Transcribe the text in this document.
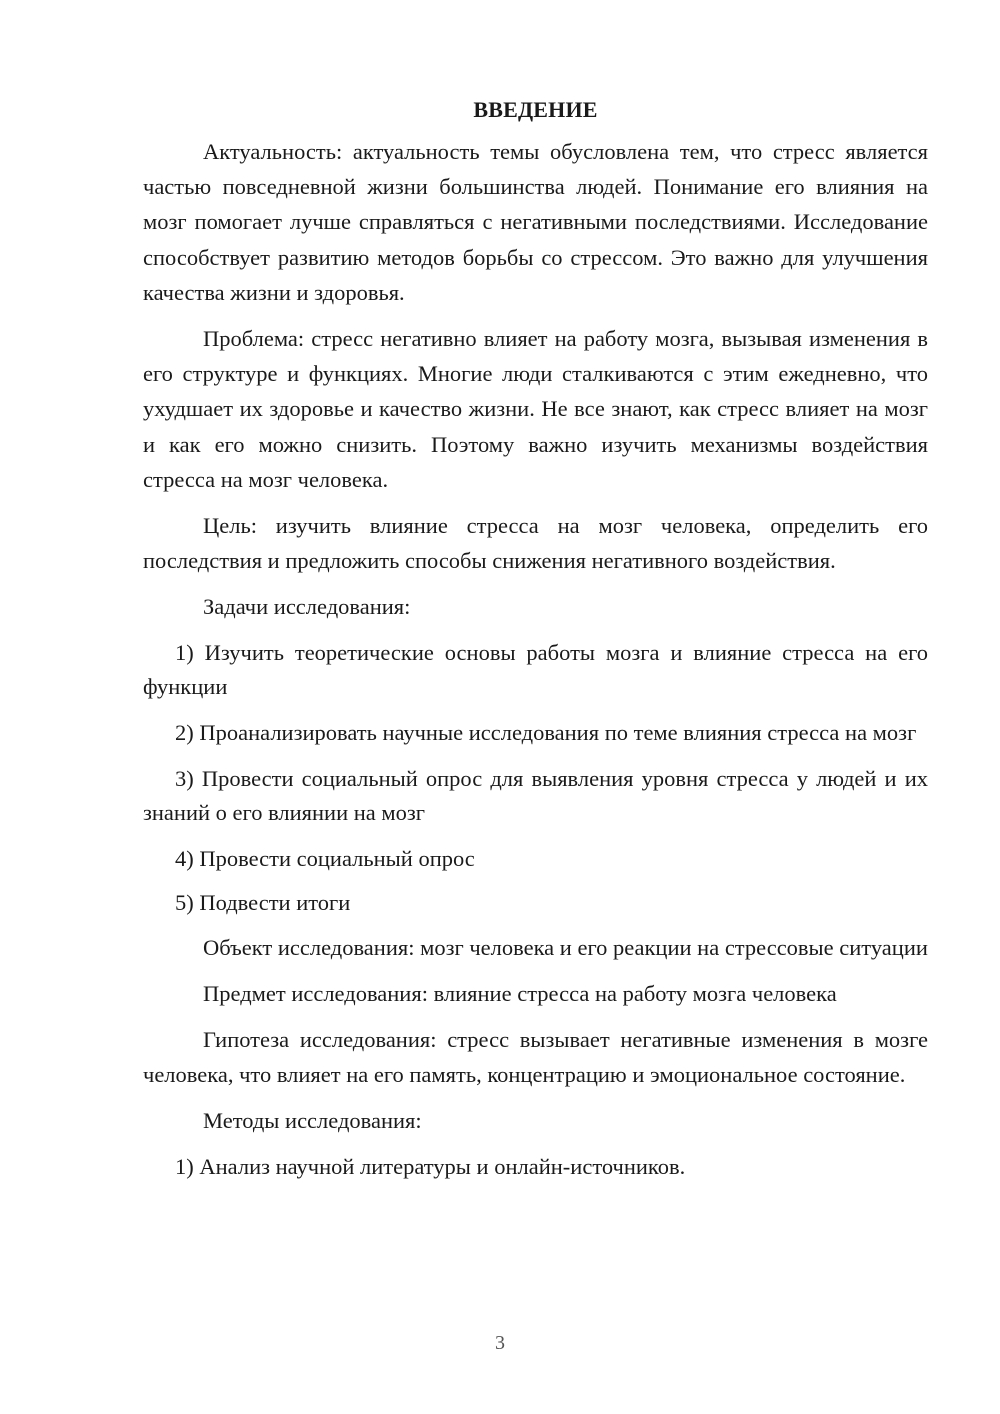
ВВЕДЕНИЕ

Актуальность: актуальность темы обусловлена тем, что стресс является частью повседневной жизни большинства людей. Понимание его влияния на мозг помогает лучше справляться с негативными последствиями. Исследование способствует развитию методов борьбы со стрессом. Это важно для улучшения качества жизни и здоровья.

Проблема: стресс негативно влияет на работу мозга, вызывая изменения в его структуре и функциях. Многие люди сталкиваются с этим ежедневно, что ухудшает их здоровье и качество жизни. Не все знают, как стресс влияет на мозг и как его можно снизить. Поэтому важно изучить механизмы воздействия стресса на мозг человека.

Цель: изучить влияние стресса на мозг человека, определить его последствия и предложить способы снижения негативного воздействия.

Задачи исследования:

1) Изучить теоретические основы работы мозга и влияние стресса на его функции

2) Проанализировать научные исследования по теме влияния стресса на мозг

3) Провести социальный опрос для выявления уровня стресса у людей и их знаний о его влиянии на мозг

4) Провести социальный опрос

5) Подвести итоги

Объект исследования: мозг человека и его реакции на стрессовые ситуации

Предмет исследования: влияние стресса на работу мозга человека

Гипотеза исследования: стресс вызывает негативные изменения в мозге человека, что влияет на его память, концентрацию и эмоциональное состояние.

Методы исследования:

1) Анализ научной литературы и онлайн-источников.

3
